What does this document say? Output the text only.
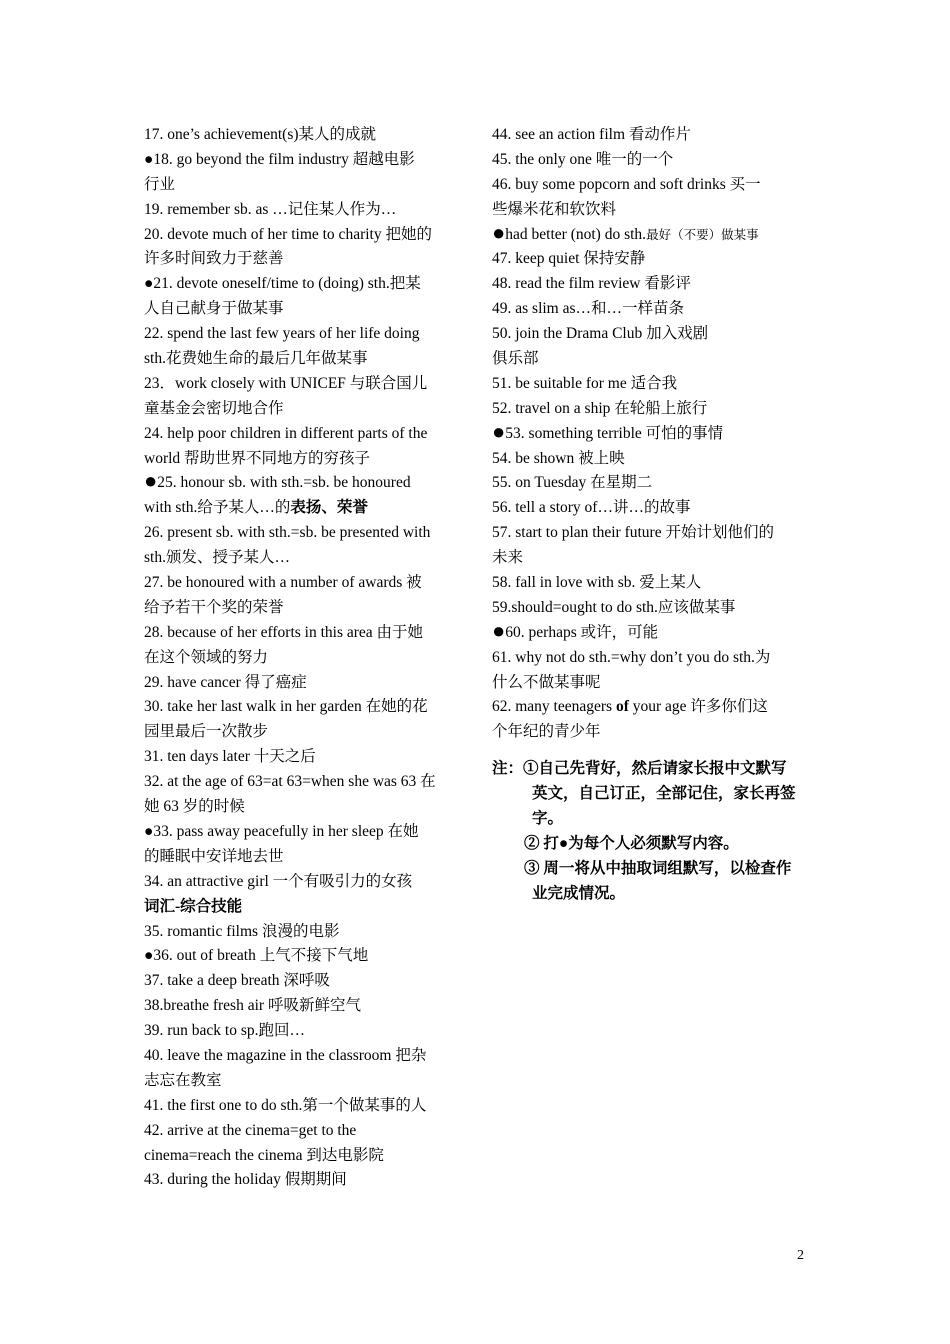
17. one’s achievement(s)某人的成就
●18. go beyond the film industry 超越电影
行业
19. remember sb. as …记住某人作为…
20. devote much of her time to charity 把她的
许多时间致力于慈善
●21. devote oneself/time to (doing) sth.把某
人自己献身于做某事
22. spend the last few years of her life doing
sth.花费她生命的最后几年做某事
23．work closely with UNICEF 与联合国儿
童基金会密切地合作
24. help poor children in different parts of the
world 帮助世界不同地方的穷孩子
●25. honour sb. with sth.=sb. be honoured
with sth.给予某人…的表扬、荣誉
26. present sb. with sth.=sb. be presented with
sth.颁发、授予某人…
27. be honoured with a number of awards 被
给予若干个奖的荣誉
28. because of her efforts in this area 由于她
在这个领域的努力
29. have cancer 得了癌症
30. take her last walk in her garden 在她的花
园里最后一次散步
31. ten days later 十天之后
32. at the age of 63=at 63=when she was 63 在
她 63 岁的时候
●33. pass away peacefully in her sleep 在她
的睡眠中安详地去世
34. an attractive girl 一个有吸引力的女孩
词汇-综合技能
35. romantic films 浪漫的电影
●36. out of breath 上气不接下气地
37. take a deep breath 深呼吸
38.breathe fresh air 呼吸新鲜空气
39. run back to sp.跑回…
40. leave the magazine in the classroom 把杂
志忘在教室
41. the first one to do sth.第一个做某事的人
42. arrive at the cinema=get to the
cinema=reach the cinema 到达电影院
43. during the holiday 假期期间
44. see an action film 看动作片
45. the only one 唯一的一个
46. buy some popcorn and soft drinks 买一
些爆米花和软饮料
●had better (not) do sth.最好（不要）做某事
47. keep quiet 保持安静
48. read the film review 看影评
49. as slim as…和…一样苗条
50. join the Drama Club 加入戏剧
俱乐部
51. be suitable for me 适合我
52. travel on a ship 在轮船上旅行
●53. something terrible 可怕的事情
54. be shown 被上映
55. on Tuesday 在星期二
56. tell a story of…讲…的故事
57. start to plan their future 开始计划他们的
未来
58. fall in love with sb. 爱上某人
59.should=ought to do sth.应该做某事
●60. perhaps 或许，可能
61. why not do sth.=why don’t you do sth.为
什么不做某事呢
62. many teenagers of your age 许多你们这
个年纪的青少年
注：①自己先背好，然后请家长报中文默写
英文，自己订正，全部记住，家长再签
字。
② 打●为每个人必须默写内容。
③ 周一将从中抽取词组默写，以检查作
业完成情况。
2
